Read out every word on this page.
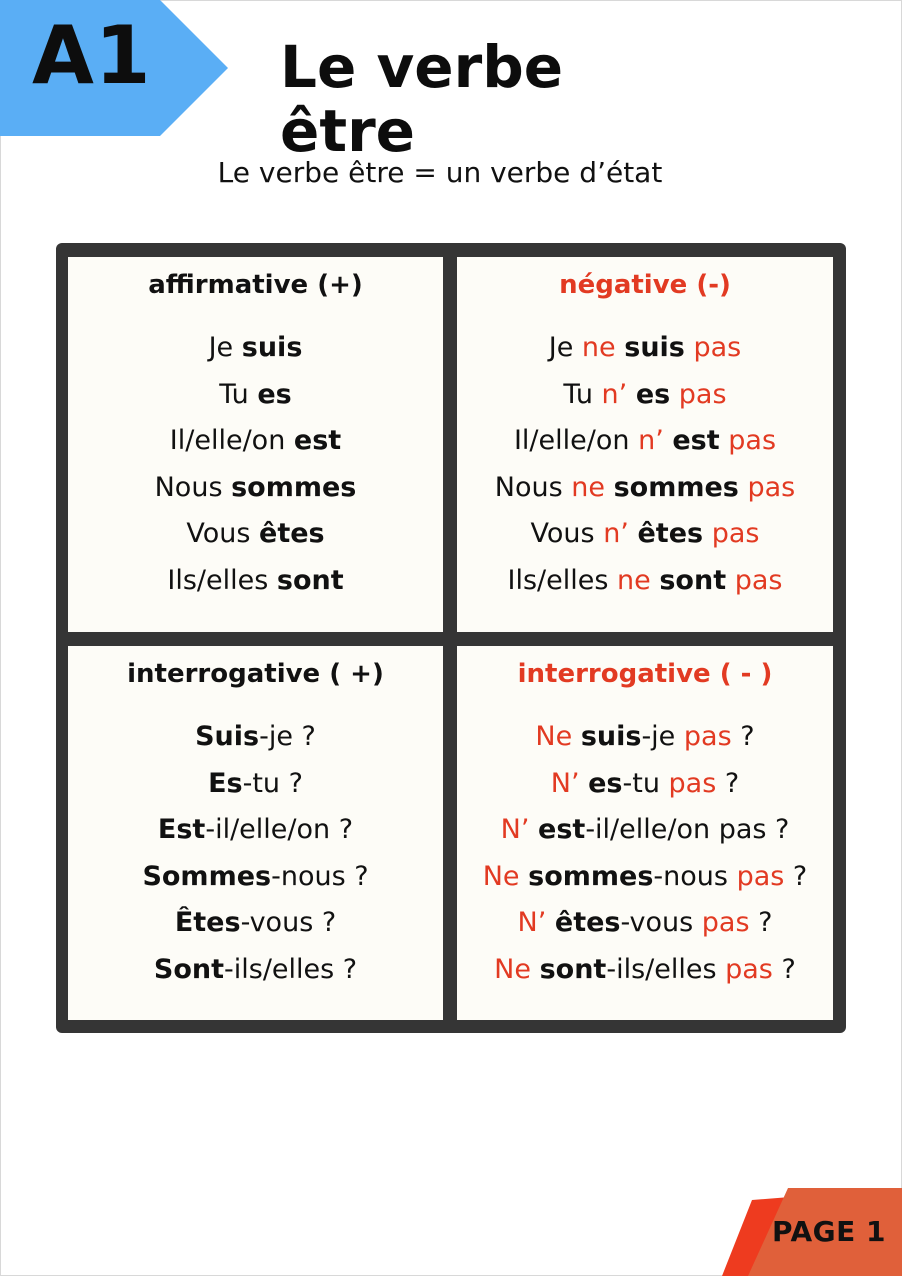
A1 Le verbe être
Le verbe être = un verbe d’état
affirmative (+)
Je suis
Tu es
Il/elle/on est
Nous sommes
Vous êtes
Ils/elles sont
négative (-)
Je ne suis pas
Tu n’ es pas
Il/elle/on n’ est pas
Nous ne sommes pas
Vous n’ êtes pas
Ils/elles ne sont pas
interrogative ( +)
Suis-je ?
Es-tu ?
Est-il/elle/on ?
Sommes-nous ?
Êtes-vous ?
Sont-ils/elles ?
interrogative ( - )
Ne suis-je pas ?
N’ es-tu pas ?
N’ est-il/elle/on pas ?
Ne sommes-nous pas ?
N’ êtes-vous pas ?
Ne sont-ils/elles pas ?
PAGE 1
